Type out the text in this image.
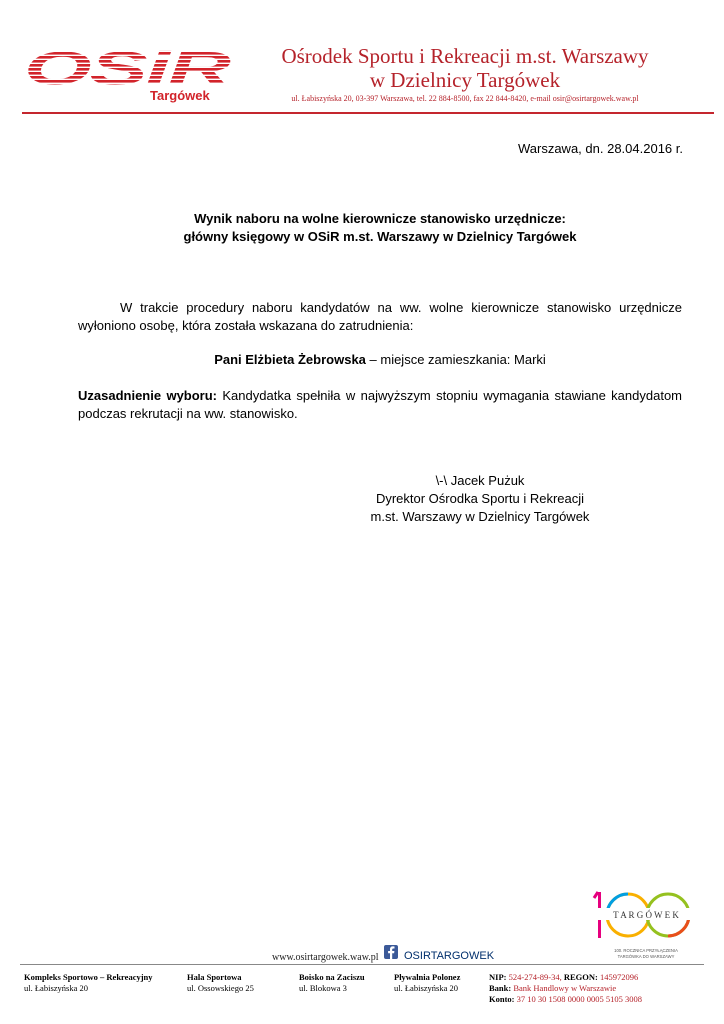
OSiR
Targówek
Ośrodek Sportu i Rekreacji m.st. Warszawy
w Dzielnicy Targówek
ul. Łabiszyńska 20, 03-397 Warszawa, tel. 22 884-8500, fax 22 844-8420, e-mail osir@osirtargowek.waw.pl
Warszawa, dn. 28.04.2016 r.
Wynik naboru na wolne kierownicze stanowisko urzędnicze:
główny księgowy w OSiR m.st. Warszawy w Dzielnicy Targówek
W trakcie procedury naboru kandydatów na ww. wolne kierownicze stanowisko urzędnicze wyłoniono osobę, która została wskazana do zatrudnienia:
Pani Elżbieta Żebrowska – miejsce zamieszkania: Marki
Uzasadnienie wyboru: Kandydatka spełniła w najwyższym stopniu wymagania stawiane kandydatom podczas rekrutacji na ww. stanowisko.
\-\ Jacek Pużuk
Dyrektor Ośrodka Sportu i Rekreacji
m.st. Warszawy w Dzielnicy Targówek
T A R G Ó W E K
100. ROCZNICA PRZYŁĄCZENIA
TARGÓWKA DO WARSZAWY
www.osirtargowek.waw.pl OSIRTARGOWEK
Kompleks Sportowo – Rekreacyjny
ul. Łabiszyńska 20
Hala Sportowa
ul. Ossowskiego 25
Boisko na Zaciszu
ul. Blokowa 3
Pływalnia Polonez
ul. Łabiszyńska 20
NIP: 524-274-89-34, REGON: 145972096
Bank: Bank Handlowy w Warszawie
Konto: 37 10 30 1508 0000 0005 5105 3008
